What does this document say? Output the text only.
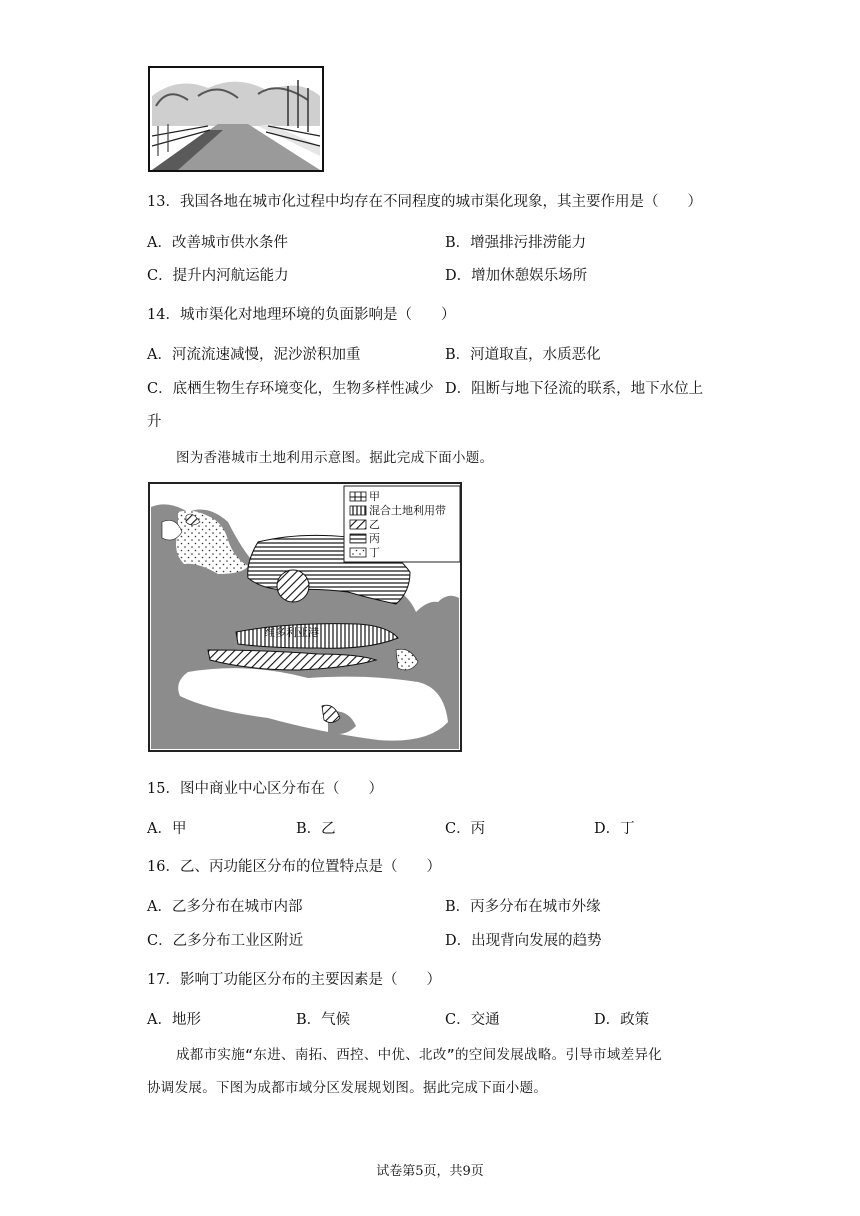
13．我国各地在城市化过程中均存在不同程度的城市渠化现象，其主要作用是（　　）
A．改善城市供水条件	B．增强排污排涝能力
C．提升内河航运能力	D．增加休憩娱乐场所
14．城市渠化对地理环境的负面影响是（　　）
A．河流流速减慢，泥沙淤积加重	B．河道取直，水质恶化
C．底栖生物生存环境变化，生物多样性减少 D．阻断与地下径流的联系，地下水位上
升
图为香港城市土地利用示意图。据此完成下面小题。
甲
混合土地利用带
乙
丙
丁
维多利亚港
15．图中商业中心区分布在（　　）
A．甲	B．乙	C．丙	D．丁
16．乙、丙功能区分布的位置特点是（　　）
A．乙多分布在城市内部	B．丙多分布在城市外缘
C．乙多分布工业区附近	D．出现背向发展的趋势
17．影响丁功能区分布的主要因素是（　　）
A．地形	B．气候	C．交通	D．政策
成都市实施“东进、南拓、西控、中优、北改”的空间发展战略。引导市域差异化
协调发展。下图为成都市域分区发展规划图。据此完成下面小题。
试卷第5页，共9页
